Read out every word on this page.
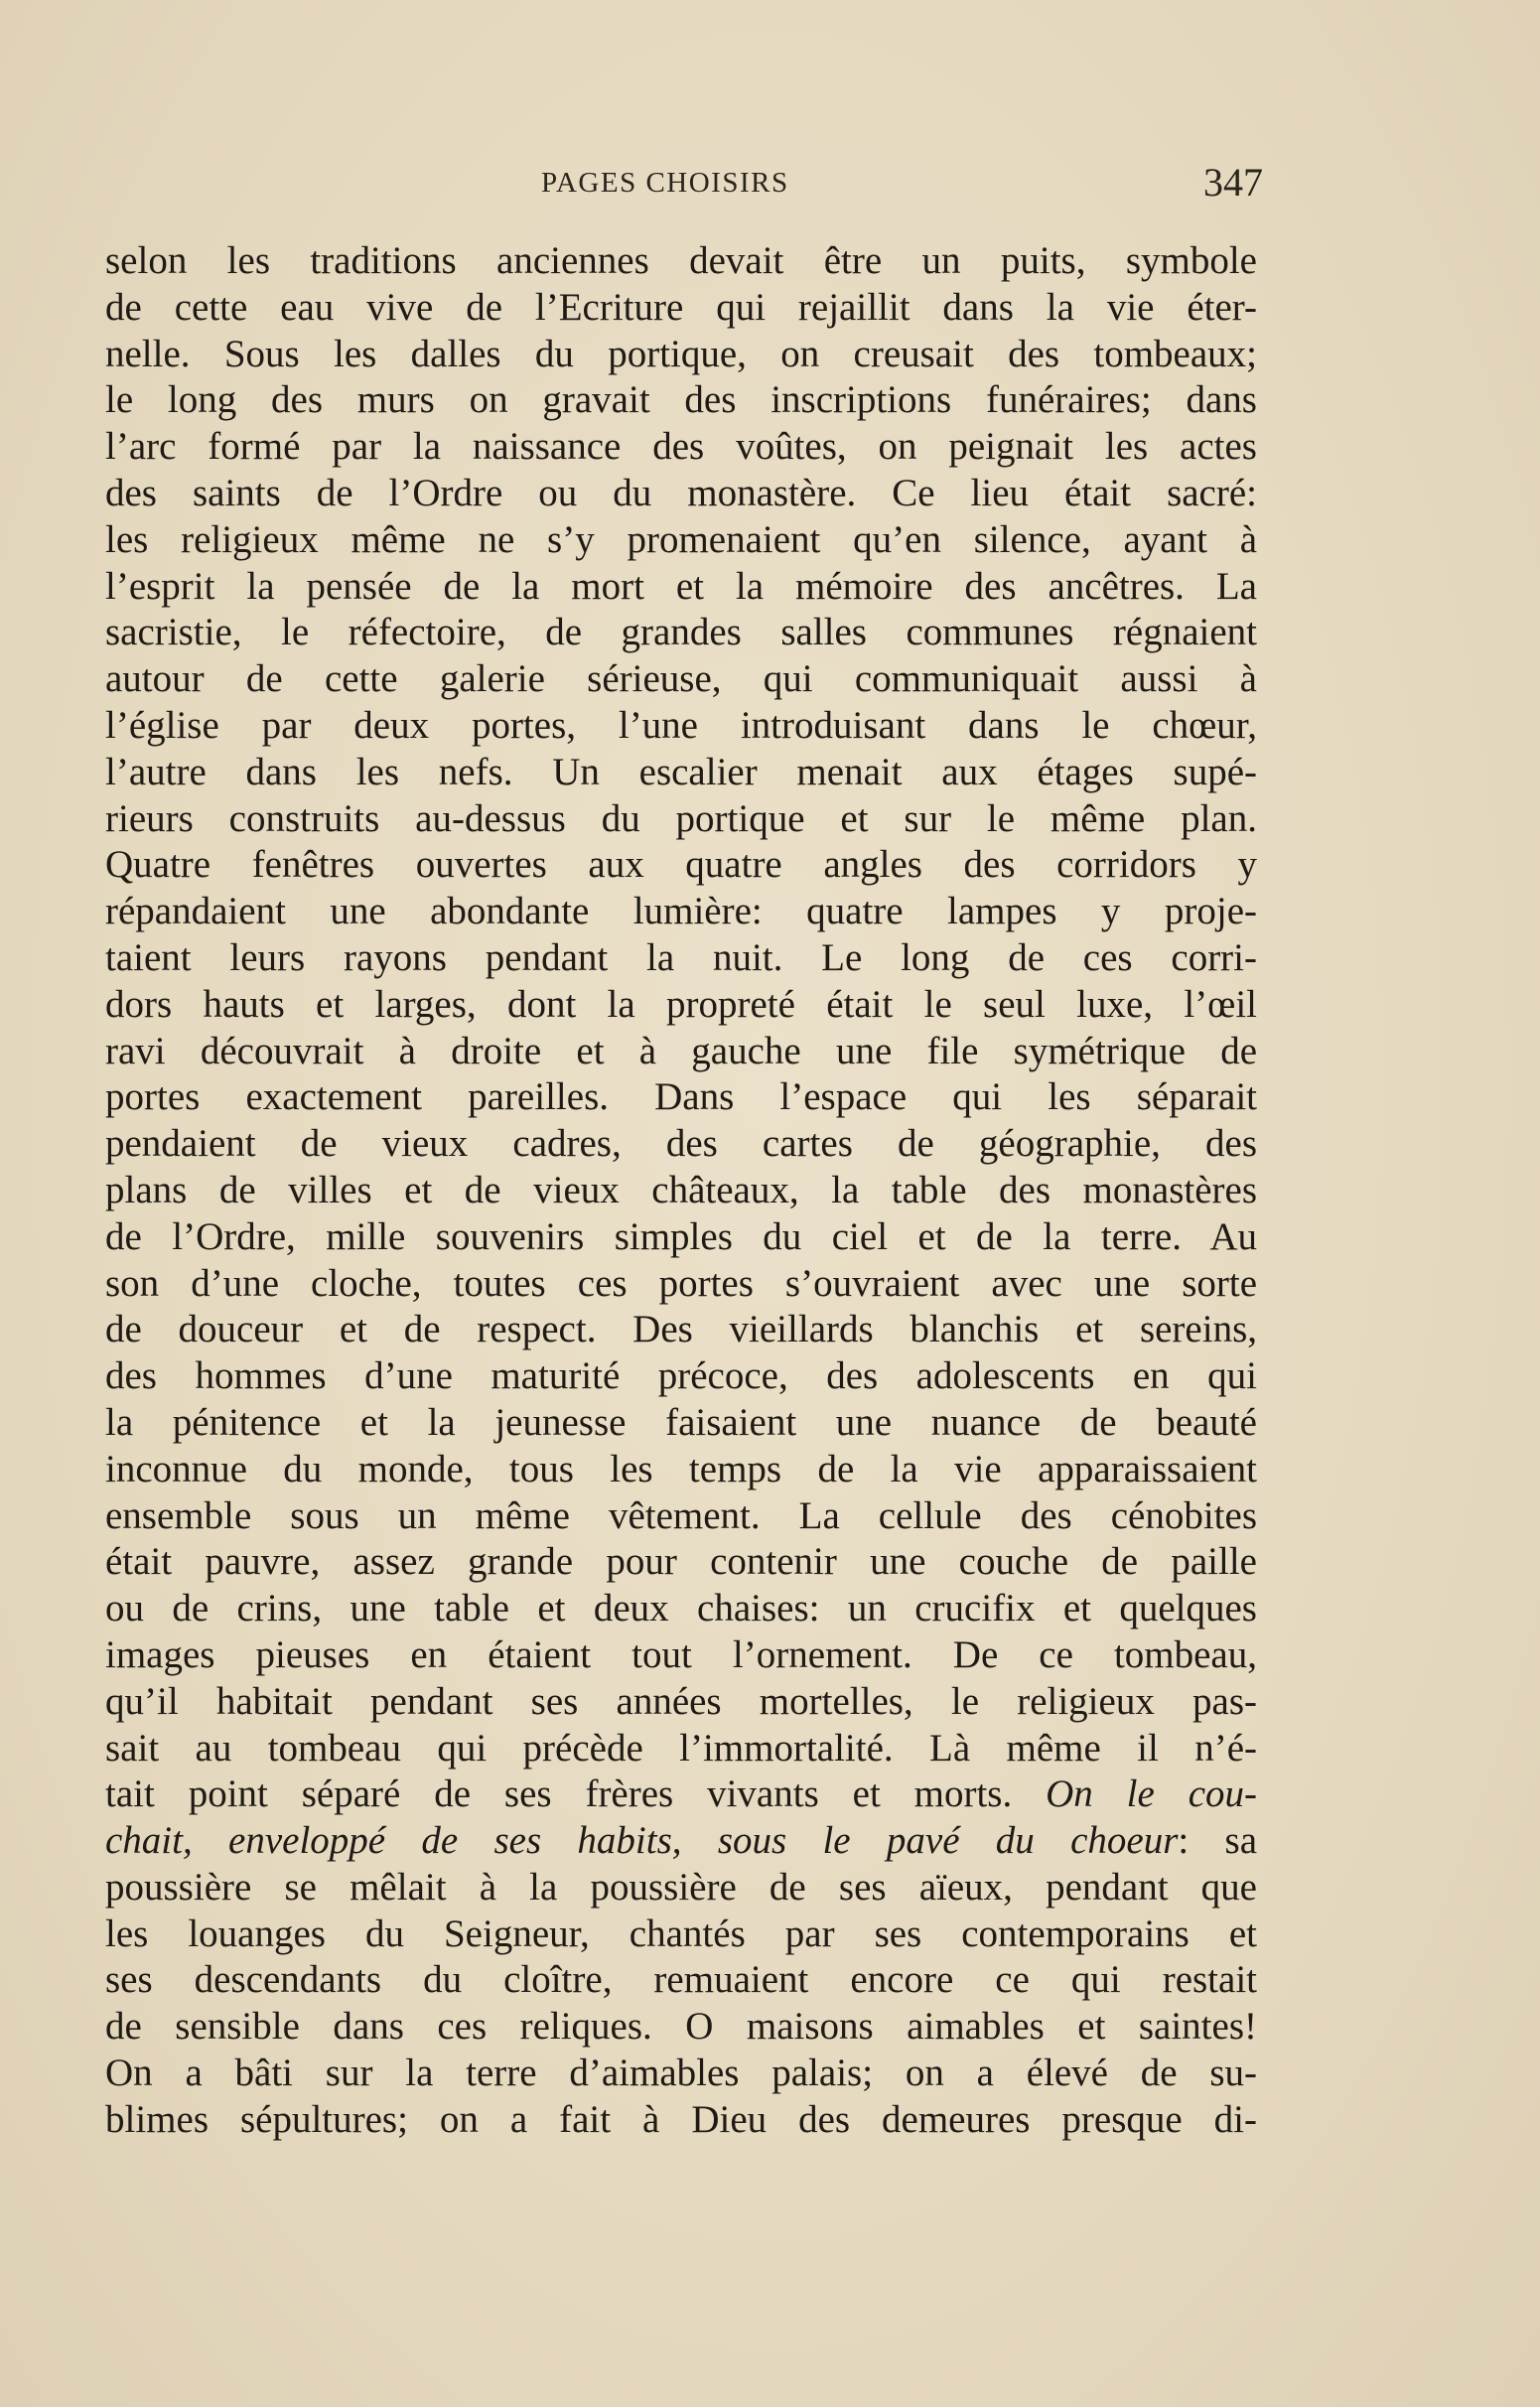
PAGES CHOISIRS	347
selon les traditions anciennes devait être un puits, symbole
de cette eau vive de l’Ecriture qui rejaillit dans la vie éter-
nelle. Sous les dalles du portique, on creusait des tombeaux;
le long des murs on gravait des inscriptions funéraires; dans
l’arc formé par la naissance des voûtes, on peignait les actes
des saints de l’Ordre ou du monastère. Ce lieu était sacré:
les religieux même ne s’y promenaient qu’en silence, ayant à
l’esprit la pensée de la mort et la mémoire des ancêtres. La
sacristie, le réfectoire, de grandes salles communes régnaient
autour de cette galerie sérieuse, qui communiquait aussi à
l’église par deux portes, l’une introduisant dans le chœur,
l’autre dans les nefs. Un escalier menait aux étages supé-
rieurs construits au-dessus du portique et sur le même plan.
Quatre fenêtres ouvertes aux quatre angles des corridors y
répandaient une abondante lumière: quatre lampes y proje-
taient leurs rayons pendant la nuit. Le long de ces corri-
dors hauts et larges, dont la propreté était le seul luxe, l’œil
ravi découvrait à droite et à gauche une file symétrique de
portes exactement pareilles. Dans l’espace qui les séparait
pendaient de vieux cadres, des cartes de géographie, des
plans de villes et de vieux châteaux, la table des monastères
de l’Ordre, mille souvenirs simples du ciel et de la terre. Au
son d’une cloche, toutes ces portes s’ouvraient avec une sorte
de douceur et de respect. Des vieillards blanchis et sereins,
des hommes d’une maturité précoce, des adolescents en qui
la pénitence et la jeunesse faisaient une nuance de beauté
inconnue du monde, tous les temps de la vie apparaissaient
ensemble sous un même vêtement. La cellule des cénobites
était pauvre, assez grande pour contenir une couche de paille
ou de crins, une table et deux chaises: un crucifix et quelques
images pieuses en étaient tout l’ornement. De ce tombeau,
qu’il habitait pendant ses années mortelles, le religieux pas-
sait au tombeau qui précède l’immortalité. Là même il n’é-
tait point séparé de ses frères vivants et morts. On le cou-
chait, enveloppé de ses habits, sous le pavé du choeur: sa
poussière se mêlait à la poussière de ses aïeux, pendant que
les louanges du Seigneur, chantés par ses contemporains et
ses descendants du cloître, remuaient encore ce qui restait
de sensible dans ces reliques. O maisons aimables et saintes!
On a bâti sur la terre d’aimables palais; on a élevé de su-
blimes sépultures; on a fait à Dieu des demeures presque di-
